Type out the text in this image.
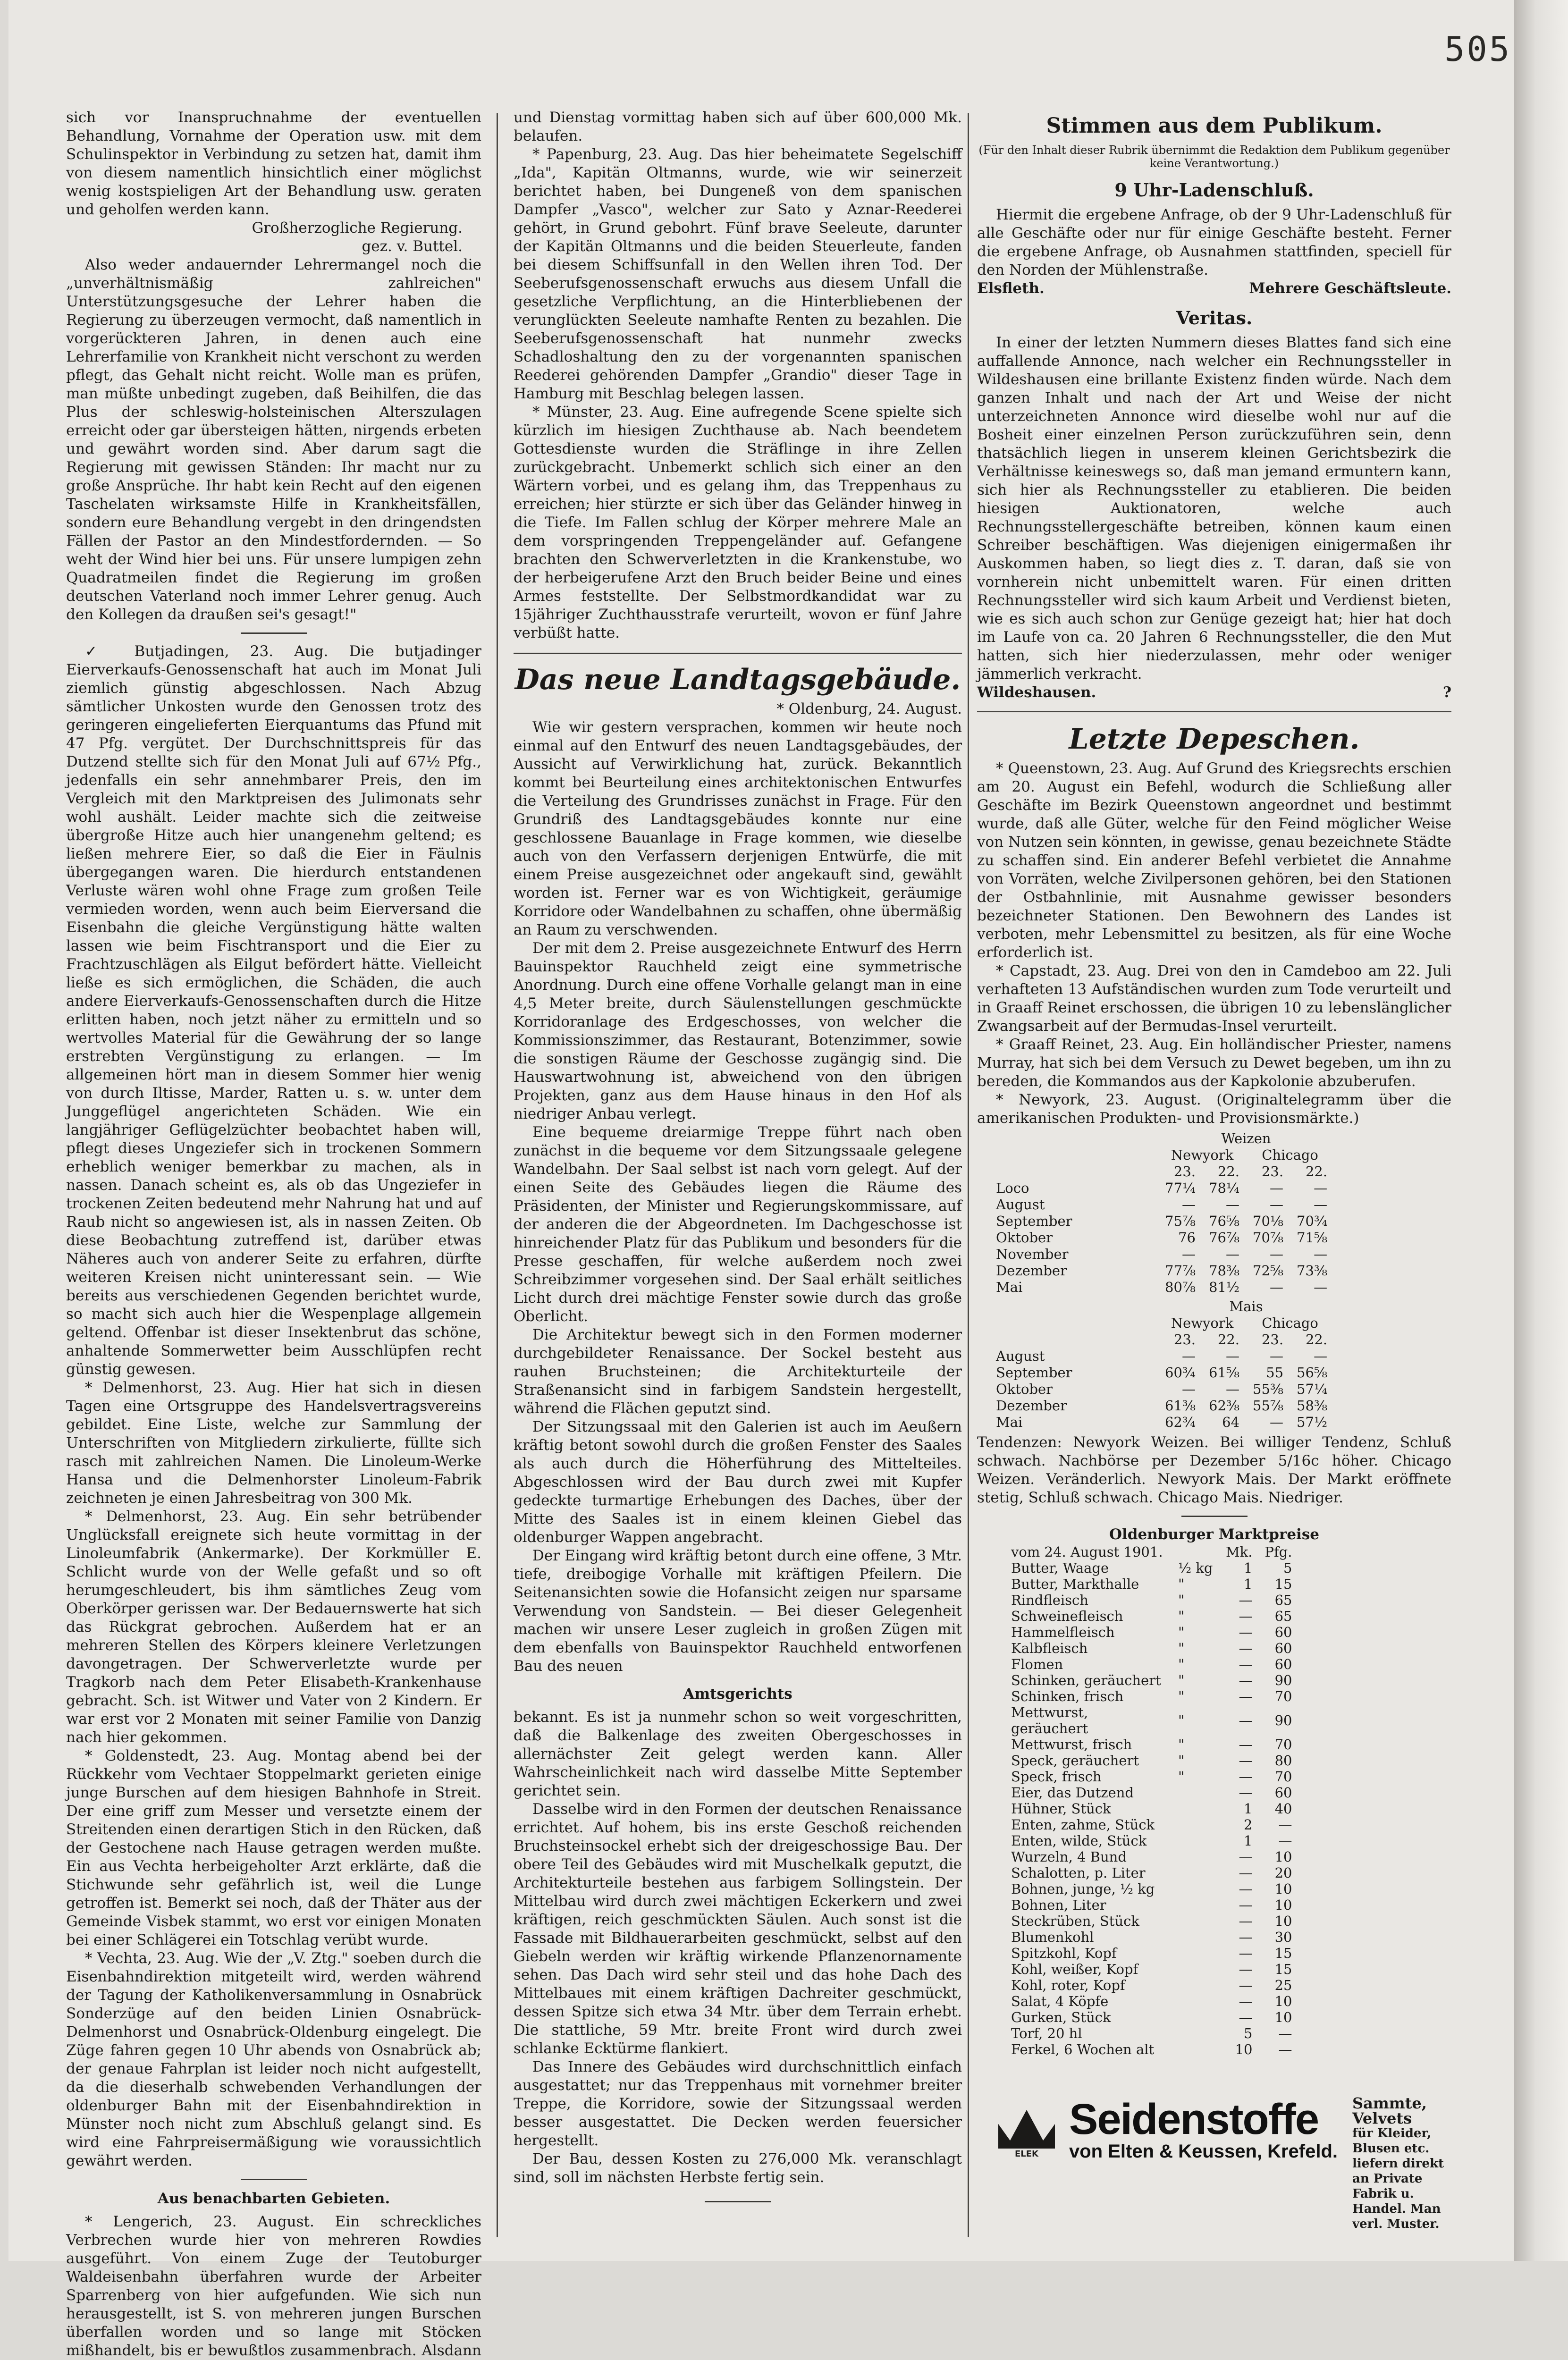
505

sich vor Inanspruchnahme der eventuellen Behandlung, Vornahme der Operation usw. mit dem Schulinspektor in Verbindung zu setzen hat, damit ihm von diesem namentlich hinsichtlich einer möglichst wenig kostspieligen Art der Behandlung usw. geraten und geholfen werden kann.

Großherzogliche Regierung.
gez. v. Buttel.

Also weder andauernder Lehrermangel noch die „unverhältnismäßig zahlreichen" Unterstützungsgesuche der Lehrer haben die Regierung zu überzeugen vermocht, daß namentlich in vorgerückteren Jahren, in denen auch eine Lehrerfamilie von Krankheit nicht verschont zu werden pflegt, das Gehalt nicht reicht. Wolle man es prüfen, man müßte unbedingt zugeben, daß Beihilfen, die das Plus der schleswig-holsteinischen Alterszulagen erreicht oder gar übersteigen hätten, nirgends erbeten und gewährt worden sind. Aber darum sagt die Regierung mit gewissen Ständen: Ihr macht nur zu große Ansprüche. Ihr habt kein Recht auf den eigenen Taschelaten wirksamste Hilfe in Krankheitsfällen, sondern eure Behandlung vergebt in den dringendsten Fällen der Pastor an den Mindestfordernden. — So weht der Wind hier bei uns. Für unsere lumpigen zehn Quadratmeilen findet die Regierung im großen deutschen Vaterland noch immer Lehrer genug. Auch den Kollegen da draußen sei's gesagt!"

✓ Butjadingen, 23. Aug. Die butjadinger Eierverkaufs-Genossenschaft hat auch im Monat Juli ziemlich günstig abgeschlossen. Nach Abzug sämtlicher Unkosten wurde den Genossen trotz des geringeren eingelieferten Eierquantums das Pfund mit 47 Pfg. vergütet. Der Durchschnittspreis für das Dutzend stellte sich für den Monat Juli auf 67½ Pfg., jedenfalls ein sehr annehmbarer Preis, den im Vergleich mit den Marktpreisen des Julimonats sehr wohl aushält. Leider machte sich die zeitweise übergroße Hitze auch hier unangenehm geltend; es ließen mehrere Eier, so daß die Eier in Fäulnis übergegangen waren. Die hierdurch entstandenen Verluste wären wohl ohne Frage zum großen Teile vermieden worden, wenn auch beim Eierversand die Eisenbahn die gleiche Vergünstigung hätte walten lassen wie beim Fischtransport und die Eier zu Frachtzuschlägen als Eilgut befördert hätte. Vielleicht ließe es sich ermöglichen, die Schäden, die auch andere Eierverkaufs-Genossenschaften durch die Hitze erlitten haben, noch jetzt näher zu ermitteln und so wertvolles Material für die Gewährung der so lange erstrebten Vergünstigung zu erlangen. — Im allgemeinen hört man in diesem Sommer hier wenig von durch Iltisse, Marder, Ratten u. s. w. unter dem Junggeflügel angerichteten Schäden. Wie ein langjähriger Geflügelzüchter beobachtet haben will, pflegt dieses Ungeziefer sich in trockenen Sommern erheblich weniger bemerkbar zu machen, als in nassen. Danach scheint es, als ob das Ungeziefer in trockenen Zeiten bedeutend mehr Nahrung hat und auf Raub nicht so angewiesen ist, als in nassen Zeiten. Ob diese Beobachtung zutreffend ist, darüber etwas Näheres auch von anderer Seite zu erfahren, dürfte weiteren Kreisen nicht uninteressant sein. — Wie bereits aus verschiedenen Gegenden berichtet wurde, so macht sich auch hier die Wespenplage allgemein geltend. Offenbar ist dieser Insektenbrut das schöne, anhaltende Sommerwetter beim Ausschlüpfen recht günstig gewesen.

* Delmenhorst, 23. Aug. Hier hat sich in diesen Tagen eine Ortsgruppe des Handelsvertragsvereins gebildet. Eine Liste, welche zur Sammlung der Unterschriften von Mitgliedern zirkulierte, füllte sich rasch mit zahlreichen Namen. Die Linoleum-Werke Hansa und die Delmenhorster Linoleum-Fabrik zeichneten je einen Jahresbeitrag von 300 Mk.

* Delmenhorst, 23. Aug. Ein sehr betrübender Unglücksfall ereignete sich heute vormittag in der Linoleumfabrik (Ankermarke). Der Korkmüller E. Schlicht wurde von der Welle gefaßt und so oft herumgeschleudert, bis ihm sämtliches Zeug vom Oberkörper gerissen war. Der Bedauernswerte hat sich das Rückgrat gebrochen. Außerdem hat er an mehreren Stellen des Körpers kleinere Verletzungen davongetragen. Der Schwerverletzte wurde per Tragkorb nach dem Peter Elisabeth-Krankenhause gebracht. Sch. ist Witwer und Vater von 2 Kindern. Er war erst vor 2 Monaten mit seiner Familie von Danzig nach hier gekommen.

* Goldenstedt, 23. Aug. Montag abend bei der Rückkehr vom Vechtaer Stoppelmarkt gerieten einige junge Burschen auf dem hiesigen Bahnhofe in Streit. Der eine griff zum Messer und versetzte einem der Streitenden einen derartigen Stich in den Rücken, daß der Gestochene nach Hause getragen werden mußte. Ein aus Vechta herbeigeholter Arzt erklärte, daß die Stichwunde sehr gefährlich ist, weil die Lunge getroffen ist. Bemerkt sei noch, daß der Thäter aus der Gemeinde Visbek stammt, wo erst vor einigen Monaten bei einer Schlägerei ein Totschlag verübt wurde.

* Vechta, 23. Aug. Wie der „V. Ztg." soeben durch die Eisenbahndirektion mitgeteilt wird, werden während der Tagung der Katholikenversammlung in Osnabrück Sonderzüge auf den beiden Linien Osnabrück-Delmenhorst und Osnabrück-Oldenburg eingelegt. Die Züge fahren gegen 10 Uhr abends von Osnabrück ab; der genaue Fahrplan ist leider noch nicht aufgestellt, da die dieserhalb schwebenden Verhandlungen der oldenburger Bahn mit der Eisenbahndirektion in Münster noch nicht zum Abschluß gelangt sind. Es wird eine Fahrpreisermäßigung wie voraussichtlich gewährt werden.

Aus benachbarten Gebieten.

* Lengerich, 23. August. Ein schreckliches Verbrechen wurde hier von mehreren Rowdies ausgeführt. Von einem Zuge der Teutoburger Waldeisenbahn überfahren wurde der Arbeiter Sparrenberg von hier aufgefunden. Wie sich nun herausgestellt, ist S. von mehreren jungen Burschen überfallen worden und so lange mit Stöcken mißhandelt, bis er bewußtlos zusammenbrach. Alsdann

und Dienstag vormittag haben sich auf über 600,000 Mk. belaufen.

* Papenburg, 23. Aug. Das hier beheimatete Segelschiff „Ida", Kapitän Oltmanns, wurde, wie wir seinerzeit berichtet haben, bei Dungeneß von dem spanischen Dampfer „Vasco", welcher zur Sato y Aznar-Reederei gehört, in Grund gebohrt. Fünf brave Seeleute, darunter der Kapitän Oltmanns und die beiden Steuerleute, fanden bei diesem Schiffsunfall in den Wellen ihren Tod. Der Seeberufsgenossenschaft erwuchs aus diesem Unfall die gesetzliche Verpflichtung, an die Hinterbliebenen der verunglückten Seeleute namhafte Renten zu bezahlen. Die Seeberufsgenossenschaft hat nunmehr zwecks Schadloshaltung den zu der vorgenannten spanischen Reederei gehörenden Dampfer „Grandio" dieser Tage in Hamburg mit Beschlag belegen lassen.

* Münster, 23. Aug. Eine aufregende Scene spielte sich kürzlich im hiesigen Zuchthause ab. Nach beendetem Gottesdienste wurden die Sträflinge in ihre Zellen zurückgebracht. Unbemerkt schlich sich einer an den Wärtern vorbei, und es gelang ihm, das Treppenhaus zu erreichen; hier stürzte er sich über das Geländer hinweg in die Tiefe. Im Fallen schlug der Körper mehrere Male an dem vorspringenden Treppengeländer auf. Gefangene brachten den Schwerverletzten in die Krankenstube, wo der herbeigerufene Arzt den Bruch beider Beine und eines Armes feststellte. Der Selbstmordkandidat war zu 15jähriger Zuchthausstrafe verurteilt, wovon er fünf Jahre verbüßt hatte.

Das neue Landtagsgebäude.
* Oldenburg, 24. August.

Wie wir gestern versprachen, kommen wir heute noch einmal auf den Entwurf des neuen Landtagsgebäudes, der Aussicht auf Verwirklichung hat, zurück. Bekanntlich kommt bei Beurteilung eines architektonischen Entwurfes die Verteilung des Grundrisses zunächst in Frage. Für den Grundriß des Landtagsgebäudes konnte nur eine geschlossene Bauanlage in Frage kommen, wie dieselbe auch von den Verfassern derjenigen Entwürfe, die mit einem Preise ausgezeichnet oder angekauft sind, gewählt worden ist. Ferner war es von Wichtigkeit, geräumige Korridore oder Wandelbahnen zu schaffen, ohne übermäßig an Raum zu verschwenden.

Der mit dem 2. Preise ausgezeichnete Entwurf des Herrn Bauinspektor Rauchheld zeigt eine symmetrische Anordnung. Durch eine offene Vorhalle gelangt man in eine 4,5 Meter breite, durch Säulenstellungen geschmückte Korridoranlage des Erdgeschosses, von welcher die Kommissionszimmer, das Restaurant, Botenzimmer, sowie die sonstigen Räume der Geschosse zugängig sind. Die Hauswartwohnung ist, abweichend von den übrigen Projekten, ganz aus dem Hause hinaus in den Hof als niedriger Anbau verlegt.

Eine bequeme dreiarmige Treppe führt nach oben zunächst in die bequeme vor dem Sitzungssaale gelegene Wandelbahn. Der Saal selbst ist nach vorn gelegt. Auf der einen Seite des Gebäudes liegen die Räume des Präsidenten, der Minister und Regierungskommissare, auf der anderen die der Abgeordneten. Im Dachgeschosse ist hinreichender Platz für das Publikum und besonders für die Presse geschaffen, für welche außerdem noch zwei Schreibzimmer vorgesehen sind. Der Saal erhält seitliches Licht durch drei mächtige Fenster sowie durch das große Oberlicht.

Die Architektur bewegt sich in den Formen moderner durchgebildeter Renaissance. Der Sockel besteht aus rauhen Bruchsteinen; die Architekturteile der Straßenansicht sind in farbigem Sandstein hergestellt, während die Flächen geputzt sind.

Der Sitzungssaal mit den Galerien ist auch im Aeußern kräftig betont sowohl durch die großen Fenster des Saales als auch durch die Höherführung des Mittelteiles. Abgeschlossen wird der Bau durch zwei mit Kupfer gedeckte turmartige Erhebungen des Daches, über der Mitte des Saales ist in einem kleinen Giebel das oldenburger Wappen angebracht.

Der Eingang wird kräftig betont durch eine offene, 3 Mtr. tiefe, dreibogige Vorhalle mit kräftigen Pfeilern. Die Seitenansichten sowie die Hofansicht zeigen nur sparsame Verwendung von Sandstein. — Bei dieser Gelegenheit machen wir unsere Leser zugleich in großen Zügen mit dem ebenfalls von Bauinspektor Rauchheld entworfenen Bau des neuen

Amtsgerichts

bekannt. Es ist ja nunmehr schon so weit vorgeschritten, daß die Balkenlage des zweiten Obergeschosses in allernächster Zeit gelegt werden kann. Aller Wahrscheinlichkeit nach wird dasselbe Mitte September gerichtet sein.

Dasselbe wird in den Formen der deutschen Renaissance errichtet. Auf hohem, bis ins erste Geschoß reichenden Bruchsteinsockel erhebt sich der dreigeschossige Bau. Der obere Teil des Gebäudes wird mit Muschelkalk geputzt, die Architekturteile bestehen aus farbigem Sollingstein. Der Mittelbau wird durch zwei mächtigen Eckerkern und zwei kräftigen, reich geschmückten Säulen. Auch sonst ist die Fassade mit Bildhauerarbeiten geschmückt, selbst auf den Giebeln werden wir kräftig wirkende Pflanzenornamente sehen. Das Dach wird sehr steil und das hohe Dach des Mittelbaues mit einem kräftigen Dachreiter geschmückt, dessen Spitze sich etwa 34 Mtr. über dem Terrain erhebt. Die stattliche, 59 Mtr. breite Front wird durch zwei schlanke Ecktürme flankiert.

Das Innere des Gebäudes wird durchschnittlich einfach ausgestattet; nur das Treppenhaus mit vornehmer breiter Treppe, die Korridore, sowie der Sitzungssaal werden besser ausgestattet. Die Decken werden feuersicher hergestellt.

Der Bau, dessen Kosten zu 276,000 Mk. veranschlagt sind, soll im nächsten Herbste fertig sein.

Stimmen aus dem Publikum.
(Für den Inhalt dieser Rubrik übernimmt die Redaktion dem Publikum gegenüber keine Verantwortung.)
9 Uhr-Ladenschluß.

Hiermit die ergebene Anfrage, ob der 9 Uhr-Ladenschluß für alle Geschäfte oder nur für einige Geschäfte besteht. Ferner die ergebene Anfrage, ob Ausnahmen stattfinden, speciell für den Norden der Mühlenstraße.

Elsfleth.	Mehrere Geschäftsleute.
Veritas.

In einer der letzten Nummern dieses Blattes fand sich eine auffallende Annonce, nach welcher ein Rechnungssteller in Wildeshausen eine brillante Existenz finden würde. Nach dem ganzen Inhalt und nach der Art und Weise der nicht unterzeichneten Annonce wird dieselbe wohl nur auf die Bosheit einer einzelnen Person zurückzuführen sein, denn thatsächlich liegen in unserem kleinen Gerichtsbezirk die Verhältnisse keineswegs so, daß man jemand ermuntern kann, sich hier als Rechnungssteller zu etablieren. Die beiden hiesigen Auktionatoren, welche auch Rechnungsstellergeschäfte betreiben, können kaum einen Schreiber beschäftigen. Was diejenigen einigermaßen ihr Auskommen haben, so liegt dies z. T. daran, daß sie von vornherein nicht unbemittelt waren. Für einen dritten Rechnungssteller wird sich kaum Arbeit und Verdienst bieten, wie es sich auch schon zur Genüge gezeigt hat; hier hat doch im Laufe von ca. 20 Jahren 6 Rechnungssteller, die den Mut hatten, sich hier niederzulassen, mehr oder weniger jämmerlich verkracht.

Wildeshausen.	?
Letzte Depeschen.

* Queenstown, 23. Aug. Auf Grund des Kriegsrechts erschien am 20. August ein Befehl, wodurch die Schließung aller Geschäfte im Bezirk Queenstown angeordnet und bestimmt wurde, daß alle Güter, welche für den Feind möglicher Weise von Nutzen sein könnten, in gewisse, genau bezeichnete Städte zu schaffen sind. Ein anderer Befehl verbietet die Annahme von Vorräten, welche Zivilpersonen gehören, bei den Stationen der Ostbahnlinie, mit Ausnahme gewisser besonders bezeichneter Stationen. Den Bewohnern des Landes ist verboten, mehr Lebensmittel zu besitzen, als für eine Woche erforderlich ist.

* Capstadt, 23. Aug. Drei von den in Camdeboo am 22. Juli verhafteten 13 Aufständischen wurden zum Tode verurteilt und in Graaff Reinet erschossen, die übrigen 10 zu lebenslänglicher Zwangsarbeit auf der Bermudas-Insel verurteilt.

* Graaff Reinet, 23. Aug. Ein holländischer Priester, namens Murray, hat sich bei dem Versuch zu Dewet begeben, um ihn zu bereden, die Kommandos aus der Kapkolonie abzuberufen.

* Newyork, 23. August. (Originaltelegramm über die amerikanischen Produkten- und Provisionsmärkte.)

	Weizen			
	Newyork		Chicago	
	23.	22.	23.	22.
Loco	77¼	78¼	—	—
August	—	—	—	—
September	75⅞	76⅝	70⅛	70¾
Oktober	76	76⅞	70⅞	71⅝
November	—	—	—	—
Dezember	77⅞	78⅜	72⅝	73⅜
Mai	80⅞	81½	—	—
	Mais			
	Newyork		Chicago	
	23.	22.	23.	22.
August	—	—	—	—
September	60¾	61⅝	55	56⅝
Oktober	—	—	55⅜	57¼
Dezember	61⅜	62⅜	55⅞	58⅜
Mai	62¾	64	—	57½

Tendenzen: Newyork Weizen. Bei williger Tendenz, Schluß schwach. Nachbörse per Dezember 5/16c höher. Chicago Weizen. Veränderlich. Newyork Mais. Der Markt eröffnete stetig, Schluß schwach. Chicago Mais. Niedriger.

Oldenburger Marktpreise
vom 24. August 1901.		Mk.	Pfg.
Butter, Waage	½ kg	1	5
Butter, Markthalle	"	1	15
Rindfleisch	"	—	65
Schweinefleisch	"	—	65
Hammelfleisch	"	—	60
Kalbfleisch	"	—	60
Flomen	"	—	60
Schinken, geräuchert	"	—	90
Schinken, frisch	"	—	70
Mettwurst, geräuchert	"	—	90
Mettwurst, frisch	"	—	70
Speck, geräuchert	"	—	80
Speck, frisch	"	—	70
Eier, das Dutzend		—	60
Hühner, Stück		1	40
Enten, zahme, Stück		2	—
Enten, wilde, Stück		1	—
Wurzeln, 4 Bund		—	10
Schalotten, p. Liter		—	20
Bohnen, junge, ½ kg		—	10
Bohnen, Liter		—	10
Steckrüben, Stück		—	10
Blumenkohl		—	30
Spitzkohl, Kopf		—	15
Kohl, weißer, Kopf		—	15
Kohl, roter, Kopf		—	25
Salat, 4 Köpfe		—	10
Gurken, Stück		—	10
Torf, 20 hl		5	—
Ferkel, 6 Wochen alt		10	—
ELEK
Seidenstoffe
von Elten & Keussen, Krefeld.
Sammte, Velvets
für Kleider, Blusen etc.
liefern direkt an Private
Fabrik u. Handel. Man verl. Muster.
